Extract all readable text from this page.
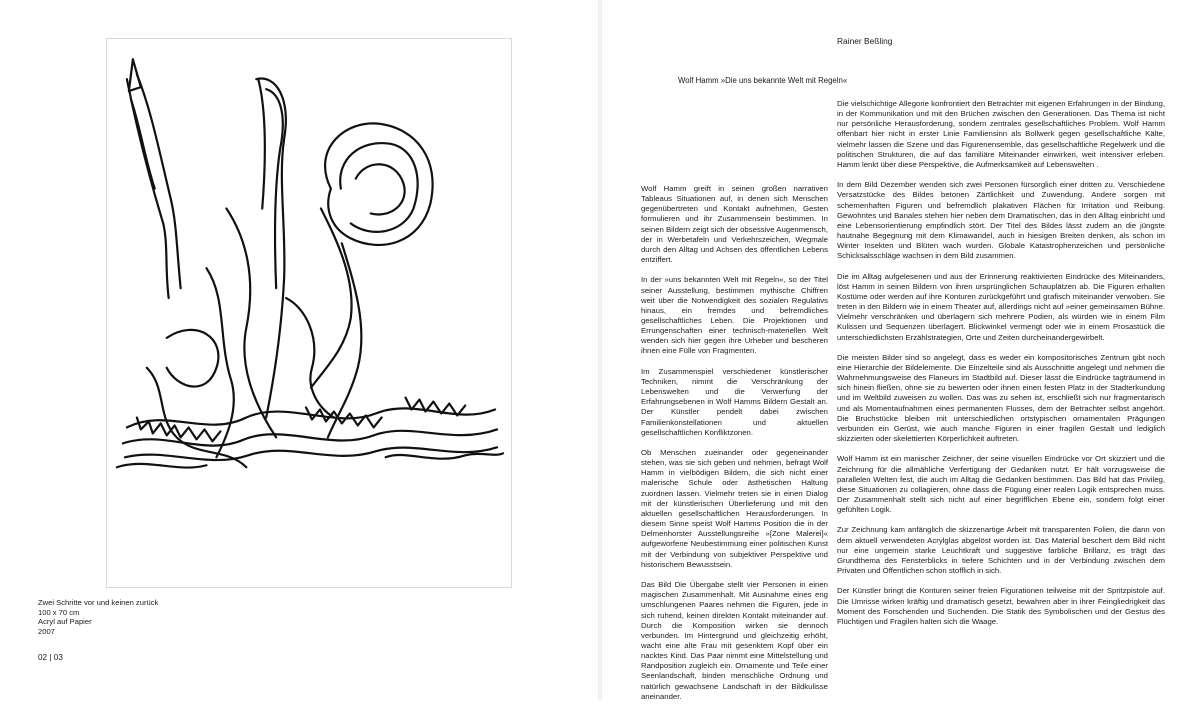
Zwei Schritte vor und keinen zurück
100 x 70 cm
Acryl auf Papier
2007
02 | 03
Rainer Beßling
Wolf Hamm »Die uns bekannte Welt mit Regeln«

Wolf Hamm greift in seinen großen narrativen Tableaus Situationen auf, in denen sich Menschen gegenübertreten und Kontakt aufnehmen, Gesten formulieren und ihr Zusammensein bestimmen. In seinen Bildern zeigt sich der obsessive Augenmensch, der in Werbetafeln und Verkehrszeichen, Wegmale durch den Alltag und Achsen des öffentlichen Lebens entziffert.

In der »uns bekannten Welt mit Regeln«, so der Titel seiner Ausstellung, bestimmen mythische Chiffren weit über die Notwendigkeit des sozialen Regulativs hinaus, ein fremdes und befremdliches gesellschaftliches Leben. Die Projektionen und Errungenschaften einer technisch-materiellen Welt wenden sich hier gegen ihre Urheber und bescheren ihnen eine Fülle von Fragmenten.

Im Zusammenspiel verschiedener künstlerischer Techniken, nimmt die Verschränkung der Lebenswelten und die Verwerfung der Erfahrungsebenen in Wolf Hamms Bildern Gestalt an. Der Künstler pendelt dabei zwischen Familienkonstellationen und aktuellen gesellschaftlichen Konfliktzonen.

Ob Menschen zueinander oder gegeneinander stehen, was sie sich geben und nehmen, befragt Wolf Hamm in vielbödigen Bildern, die sich nicht einer malerische Schule oder ästhetischen Haltung zuordnen lassen. Vielmehr treten sie in einen Dialog mit der künstlerischen Überlieferung und mit den aktuellen gesellschaftlichen Herausforderungen. In diesem Sinne speist Wolf Hamms Position die in der Delmenhorster Ausstellungsreihe »[Zone Malerei]« aufgeworfene Neubestimmung einer politischen Kunst mit der Verbindung von subjektiver Perspektive und historischem Bewusstsein.

Das Bild Die Übergabe stellt vier Personen in einen magischen Zusammenhalt. Mit Ausnahme eines eng umschlungenen Paares nehmen die Figuren, jede in sich ruhend, keinen direkten Kontakt miteinander auf. Durch die Komposition wirken sie dennoch verbunden. Im Hintergrund und gleichzeitig erhöht, wacht eine alte Frau mit gesenktem Kopf über ein nacktes Kind. Das Paar nimmt eine Mittelstellung und Randposition zugleich ein. Ornamente und Teile einer Seenlandschaft, binden menschliche Ordnung und natürlich gewachsene Landschaft in der Bildkulisse aneinander.

Die vielschichtige Allegorie konfrontiert den Betrachter mit eigenen Erfahrungen in der Bindung, in der Kommunikation und mit den Brüchen zwischen den Generationen. Das Thema ist nicht nur persönliche Herausforderung, sondern zentrales gesellschaftliches Problem. Wolf Hamm offenbart hier nicht in erster Linie Familiensinn als Bollwerk gegen gesellschaftliche Kälte, vielmehr lassen die Szene und das Figurenensemble, das gesellschaftliche Regelwerk und die politischen Strukturen, die auf das familiäre Miteinander einwirken, weit intensiver erleben. Hamm lenkt über diese Perspektive, die Aufmerksamkeit auf Lebenswelten .

In dem Bild Dezember wenden sich zwei Personen fürsorglich einer dritten zu. Verschiedene Versatzstücke des Bildes betonen Zärtlichkeit und Zuwendung. Andere sorgen mit schemenhaften Figuren und befremdlich plakativen Flächen für Irritation und Reibung. Gewohntes und Banales stehen hier neben dem Dramatischen, das in den Alltag einbricht und eine Lebensorientierung empfindlich stört. Der Titel des Bildes lässt zudem an die jüngste hautnahe Begegnung mit dem Klimawandel, auch in hiesigen Breiten denken, als schon im Winter Insekten und Blüten wach wurden. Globale Katastrophenzeichen und persönliche Schicksalsschläge wachsen in dem Bild zusammen.

Die im Alltag aufgelesenen und aus der Erinnerung reaktivierten Eindrücke des Miteinanders, löst Hamm in seinen Bildern von ihren ursprünglichen Schauplätzen ab. Die Figuren erhalten Kostüme oder werden auf ihre Konturen zurückgeführt und grafisch miteinander verwoben. Sie treten in den Bildern wie in einem Theater auf, allerdings nicht auf »einer gemeinsamen Bühne. Vielmehr verschränken und überlagern sich mehrere Podien, als würden wie in einem Film Kulissen und Sequenzen überlagert. Blickwinkel vermengt oder wie in einem Prosastück die unterschiedlichsten Erzählstrategien, Orte und Zeiten durcheinandergewirbelt.

Die meisten Bilder sind so angelegt, dass es weder ein kompositorisches Zentrum gibt noch eine Hierarchie der Bildelemente. Die Einzelteile sind als Ausschnitte angelegt und nehmen die Wahrnehmungsweise des Flaneurs im Stadtbild auf. Dieser lässt die Eindrücke tagträumend in sich hinein fließen, ohne sie zu bewerten oder ihnen einen festen Platz in der Stadterkundung und im Weltbild zuweisen zu wollen. Das was zu sehen ist, erschließt sich nur fragmentarisch und als Momentaufnahmen eines permanenten Flusses, dem der Betrachter selbst angehört. Die Bruchstücke bleiben mit unterschiedlichen ortstypischen ornamentalen Prägungen verbunden ein Gerüst, wie auch manche Figuren in einer fragilen Gestalt und lediglich skizzierten oder skelettierten Körperlichkeit auftreten.

Wolf Hamm ist ein manischer Zeichner, der seine visuellen Eindrücke vor Ort skizziert und die Zeichnung für die allmähliche Verfertigung der Gedanken nutzt. Er hält vorzugsweise die parallelen Welten fest, die auch im Alltag die Gedanken bestimmen. Das Bild hat das Privileg, diese Situationen zu collagieren, ohne dass die Fügung einer realen Logik entsprechen muss. Der Zusammenhalt stellt sich nicht auf einer begrifflichen Ebene ein, sondern folgt einer gefühlten Logik.

Zur Zeichnung kam anfänglich die skizzenartige Arbeit mit transparenten Folien, die dann von dem aktuell verwendeten Acrylglas abgelöst worden ist. Das Material beschert dem Bild nicht nur eine ungemein starke Leuchtkraft und suggestive farbliche Brillanz, es trägt das Grundthema des Fensterblicks in tiefere Schichten und in der Verbindung zwischen dem Privaten und Öffentlichen schon stofflich in sich.

Der Künstler bringt die Konturen seiner freien Figurationen teilweise mit der Spritzpistole auf. Die Umrisse wirken kräftig und dramatisch gesetzt, bewahren aber in ihrer Feingliedrigkeit das Moment des Forschenden und Suchenden. Die Statik des Symbolischen und der Gestus des Flüchtigen und Fragilen halten sich die Waage.
